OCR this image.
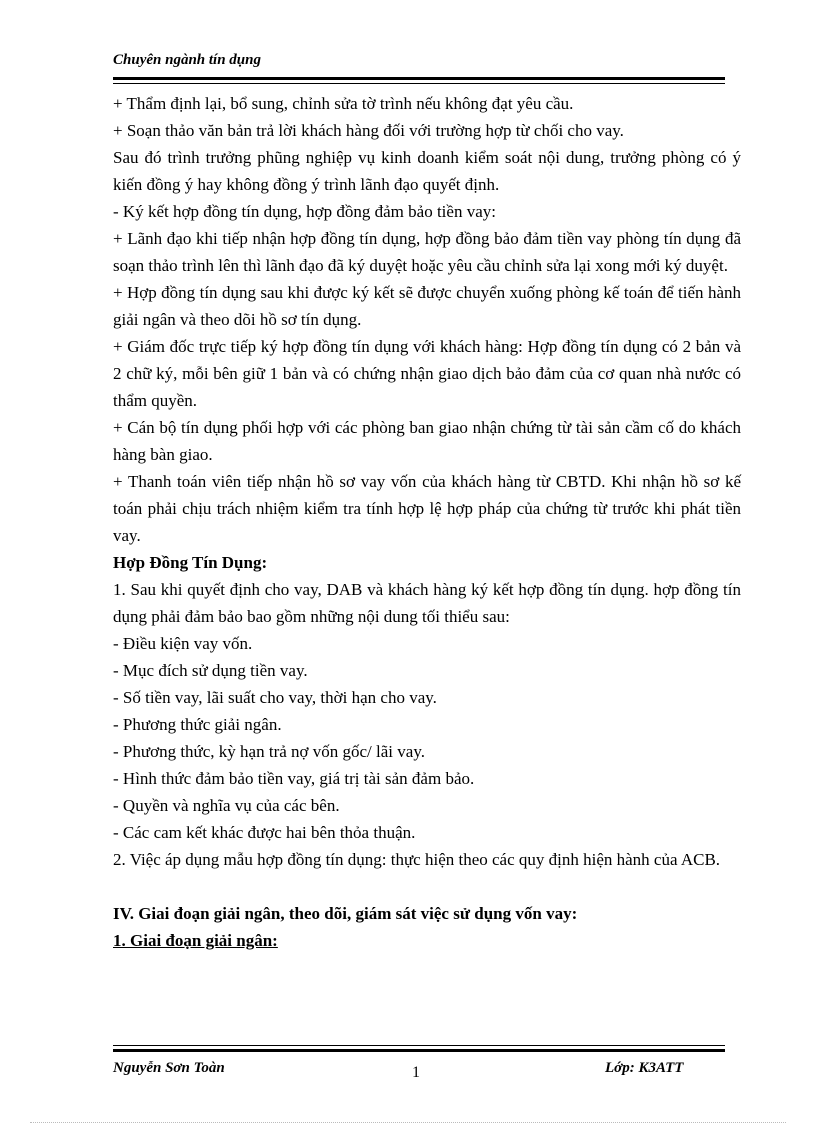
Chuyên ngành tín dụng

+ Thẩm định lại, bổ sung, chỉnh sửa tờ trình nếu không đạt yêu cầu.

+ Soạn thảo văn bản trả lời khách hàng đối với trường hợp từ chối cho vay.

Sau đó trình trưởng phũng nghiệp vụ kinh doanh kiểm soát nội dung, trưởng phòng có ý kiến đồng ý hay không đồng ý trình lãnh đạo quyết định.

- Ký kết hợp đồng tín dụng, hợp đồng đảm bảo tiền vay:

+ Lãnh đạo khi tiếp nhận hợp đồng tín dụng, hợp đồng bảo đảm tiền vay phòng tín dụng đã soạn thảo trình lên thì lãnh đạo đã ký duyệt hoặc yêu cầu chỉnh sửa lại xong mới ký duyệt.

+ Hợp đồng tín dụng sau khi được ký kết sẽ được chuyển xuống phòng kế toán để tiến hành giải ngân và theo dõi hồ sơ tín dụng.

+ Giám đốc trực tiếp ký hợp đồng tín dụng với khách hàng: Hợp đồng tín dụng có 2 bản và 2 chữ ký, mỗi bên giữ 1 bản và có chứng nhận giao dịch bảo đảm của cơ quan nhà nước có thẩm quyền.

+ Cán bộ tín dụng phối hợp với các phòng ban giao nhận chứng từ tài sản cầm cố do khách hàng bàn giao.

+ Thanh toán viên tiếp nhận hồ sơ vay vốn của khách hàng từ CBTD. Khi nhận hồ sơ kế toán phải chịu trách nhiệm kiểm tra tính hợp lệ hợp pháp của chứng từ trước khi phát tiền vay.

Hợp Đồng Tín Dụng:

1. Sau khi quyết định cho vay, DAB và khách hàng ký kết hợp đồng tín dụng. hợp đồng tín dụng phải đảm bảo bao gồm những nội dung tối thiểu sau:

- Điều kiện vay vốn.

- Mục đích sử dụng tiền vay.

- Số tiền vay, lãi suất cho vay, thời hạn cho vay.

- Phương thức giải ngân.

- Phương thức, kỳ hạn trả nợ vốn gốc/ lãi vay.

- Hình thức đảm bảo tiền vay, giá trị tài sản đảm bảo.

- Quyền và nghĩa vụ của các bên.

- Các cam kết khác được hai bên thỏa thuận.

2. Việc áp dụng mẫu hợp đồng tín dụng: thực hiện theo các quy định hiện hành của ACB.

IV. Giai đoạn giải ngân, theo dõi, giám sát việc sử dụng vốn vay:

1. Giai đoạn giải ngân:

Nguyễn Sơn Toàn	1	Lớp: K3ATT
